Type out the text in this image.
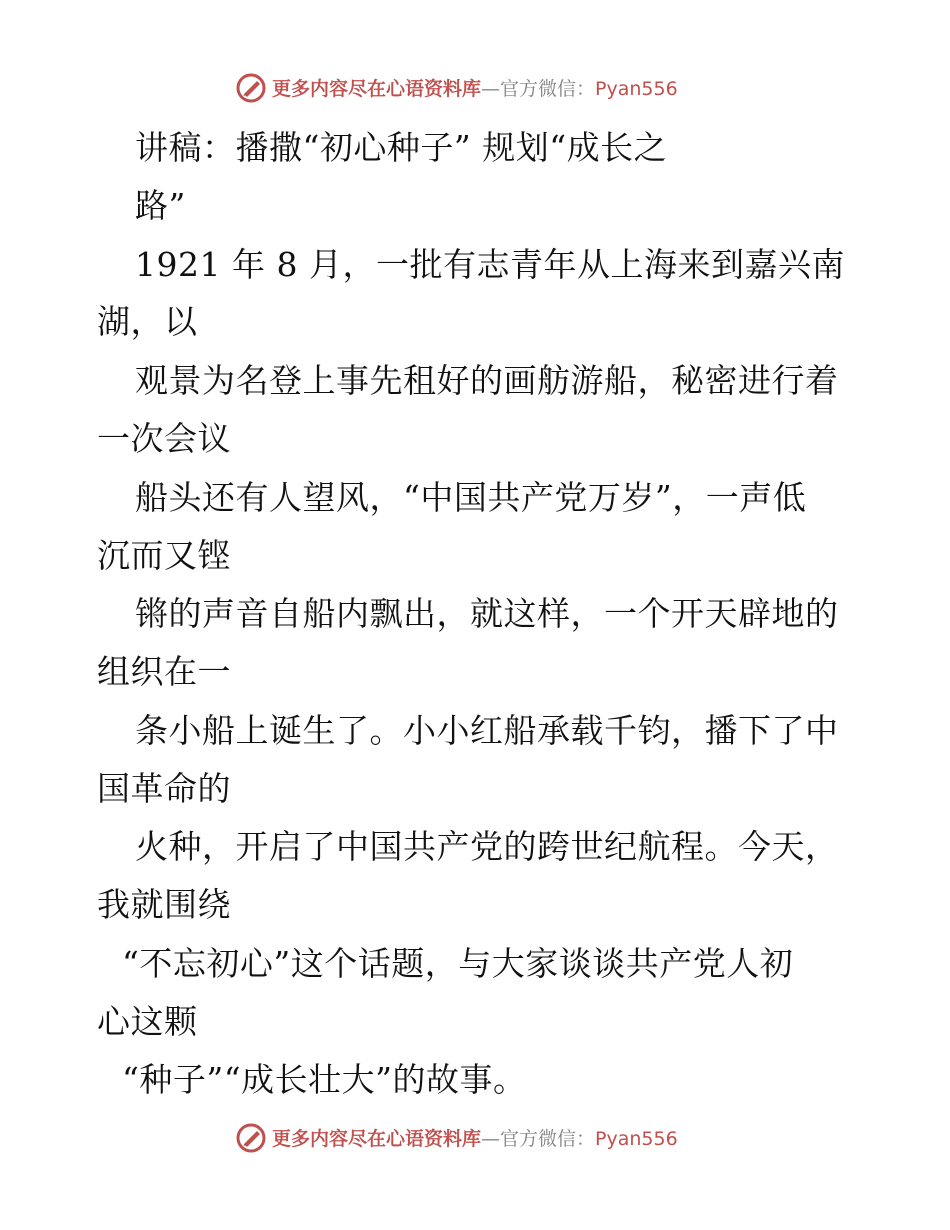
更多内容尽在心语资料库—官方微信：Pyan556
讲稿：播撒“初心种子” 规划“成长之
路”
1921 年 8 月，一批有志青年从上海来到嘉兴南
湖，以
观景为名登上事先租好的画舫游船，秘密进行着
一次会议
船头还有人望风，“中国共产党万岁”，一声低
沉而又铿
锵的声音自船内飘出，就这样，一个开天辟地的
组织在一
条小船上诞生了。小小红船承载千钧，播下了中
国革命的
火种，开启了中国共产党的跨世纪航程。今天，
我就围绕
“不忘初心”这个话题，与大家谈谈共产党人初
心这颗
“种子”“成长壮大”的故事。
更多内容尽在心语资料库—官方微信：Pyan556
